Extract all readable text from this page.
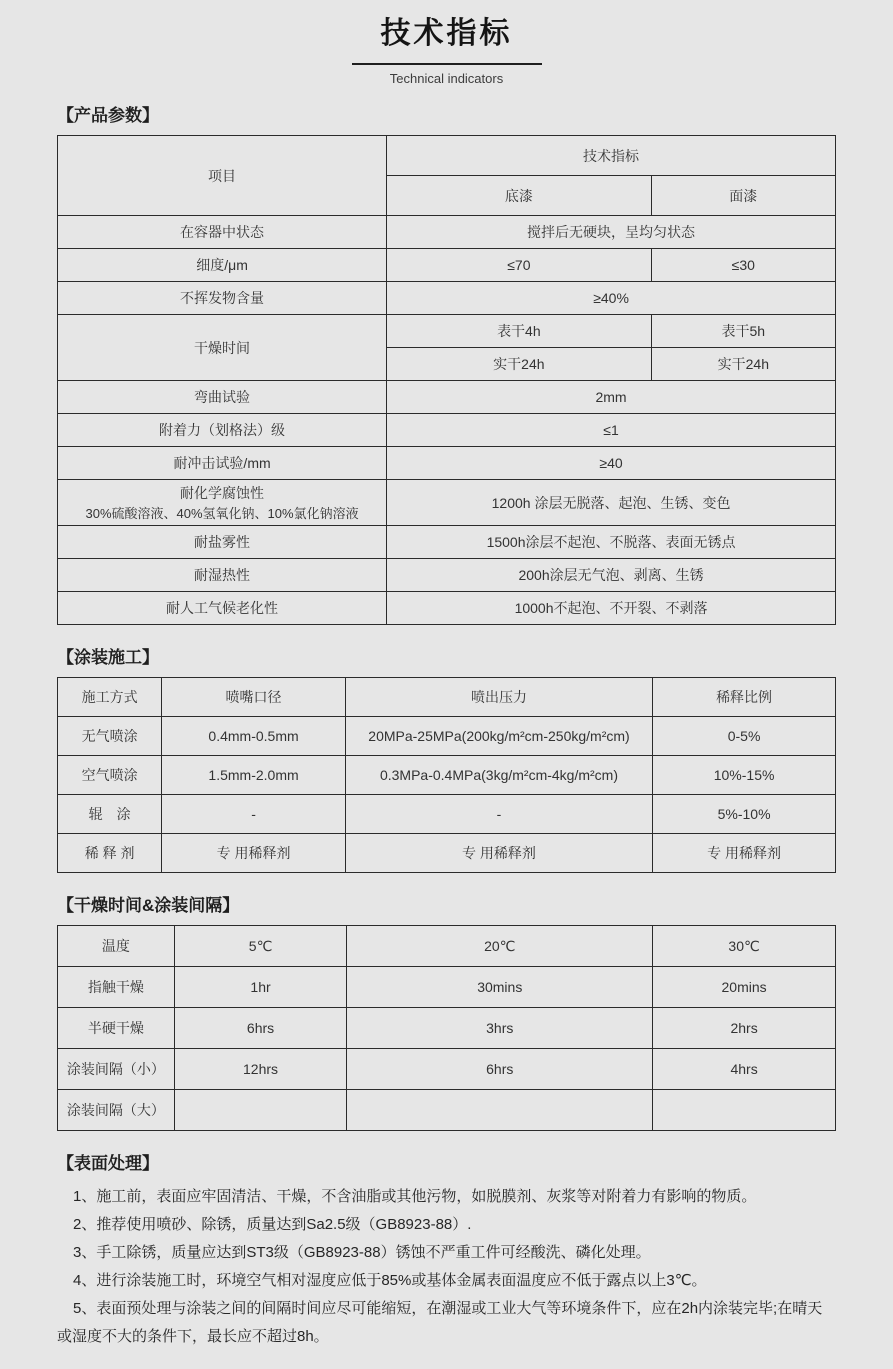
技术指标
Technical indicators
【产品参数】
项目	技术指标	
	底漆	面漆
在容器中状态	搅拌后无硬块，呈均匀状态	
细度/μm	≤70	≤30
不挥发物含量	≥40%	
干燥时间	表干4h	表干5h
	实干24h	实干24h
弯曲试验	2mm	
附着力（划格法）级	≤1	
耐冲击试验/mm	≥40	

耐化学腐蚀性
30%硫酸溶液、40%氢氧化钠、10%氯化钠溶液	1200h 涂层无脱落、起泡、生锈、变色	
耐盐雾性	1500h涂层不起泡、不脱落、表面无锈点	
耐湿热性	200h涂层无气泡、剥离、生锈	
耐人工气候老化性	1000h不起泡、不开裂、不剥落	
【涂装施工】
施工方式	喷嘴口径	喷出压力	稀释比例
无气喷涂	0.4mm-0.5mm	20MPa-25MPa(200kg/m²cm-250kg/m²cm)	0-5%
空气喷涂	1.5mm-2.0mm	0.3MPa-0.4MPa(3kg/m²cm-4kg/m²cm)	10%-15%
辊　涂	-	-	5%-10%
稀 释 剂	专 用稀释剂	专 用稀释剂	专 用稀释剂
【干燥时间&涂装间隔】
温度	5℃	20℃	30℃
指触干燥	1hr	30mins	20mins
半硬干燥	6hrs	3hrs	2hrs
涂装间隔（小）	12hrs	6hrs	4hrs
涂装间隔（大）			
【表面处理】
1、施工前，表面应牢固清洁、干燥，不含油脂或其他污物，如脱膜剂、灰浆等对附着力有影响的物质。
2、推荐使用喷砂、除锈，质量达到Sa2.5级（GB8923-88）.
3、手工除锈，质量应达到ST3级（GB8923-88）锈蚀不严重工件可经酸洗、磷化处理。
4、进行涂装施工时，环境空气相对湿度应低于85%或基体金属表面温度应不低于露点以上3℃。
5、表面预处理与涂装之间的间隔时间应尽可能缩短，在潮湿或工业大气等环境条件下，应在2h内涂装完毕;在晴天或湿度不大的条件下，最长应不超过8h。
